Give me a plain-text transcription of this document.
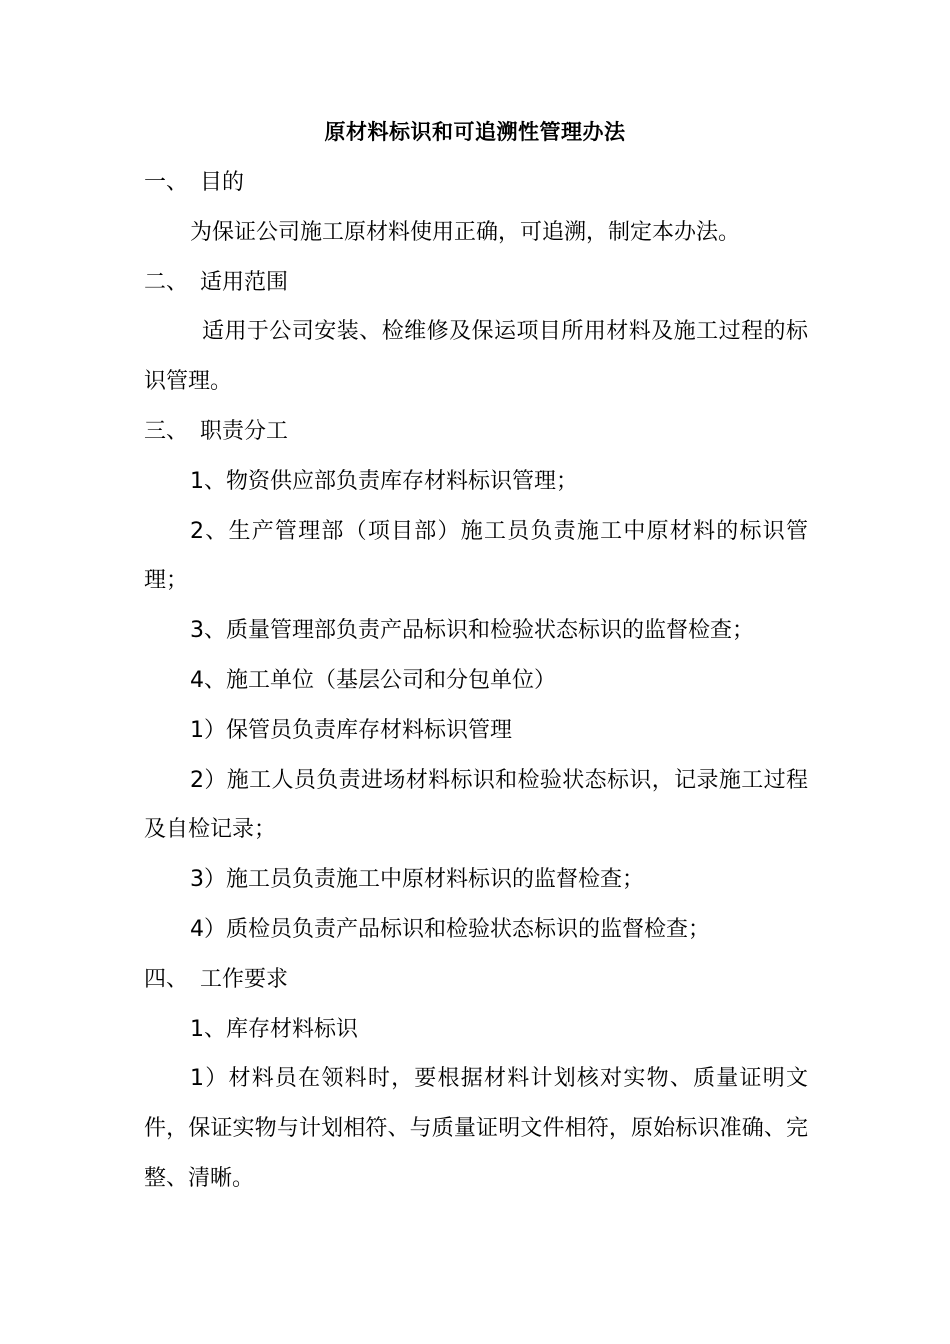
原材料标识和可追溯性管理办法
一、 目的
为保证公司施工原材料使用正确，可追溯，制定本办法。
二、 适用范围
适用于公司安装、检维修及保运项目所用材料及施工过程的标识管理。
三、 职责分工
1、物资供应部负责库存材料标识管理；
2、生产管理部（项目部）施工员负责施工中原材料的标识管理；
3、质量管理部负责产品标识和检验状态标识的监督检查；
4、施工单位（基层公司和分包单位）
1）保管员负责库存材料标识管理
2）施工人员负责进场材料标识和检验状态标识，记录施工过程及自检记录；
3）施工员负责施工中原材料标识的监督检查；
4）质检员负责产品标识和检验状态标识的监督检查；
四、 工作要求
1、库存材料标识
1）材料员在领料时，要根据材料计划核对实物、质量证明文件，保证实物与计划相符、与质量证明文件相符，原始标识准确、完整、清晰。
